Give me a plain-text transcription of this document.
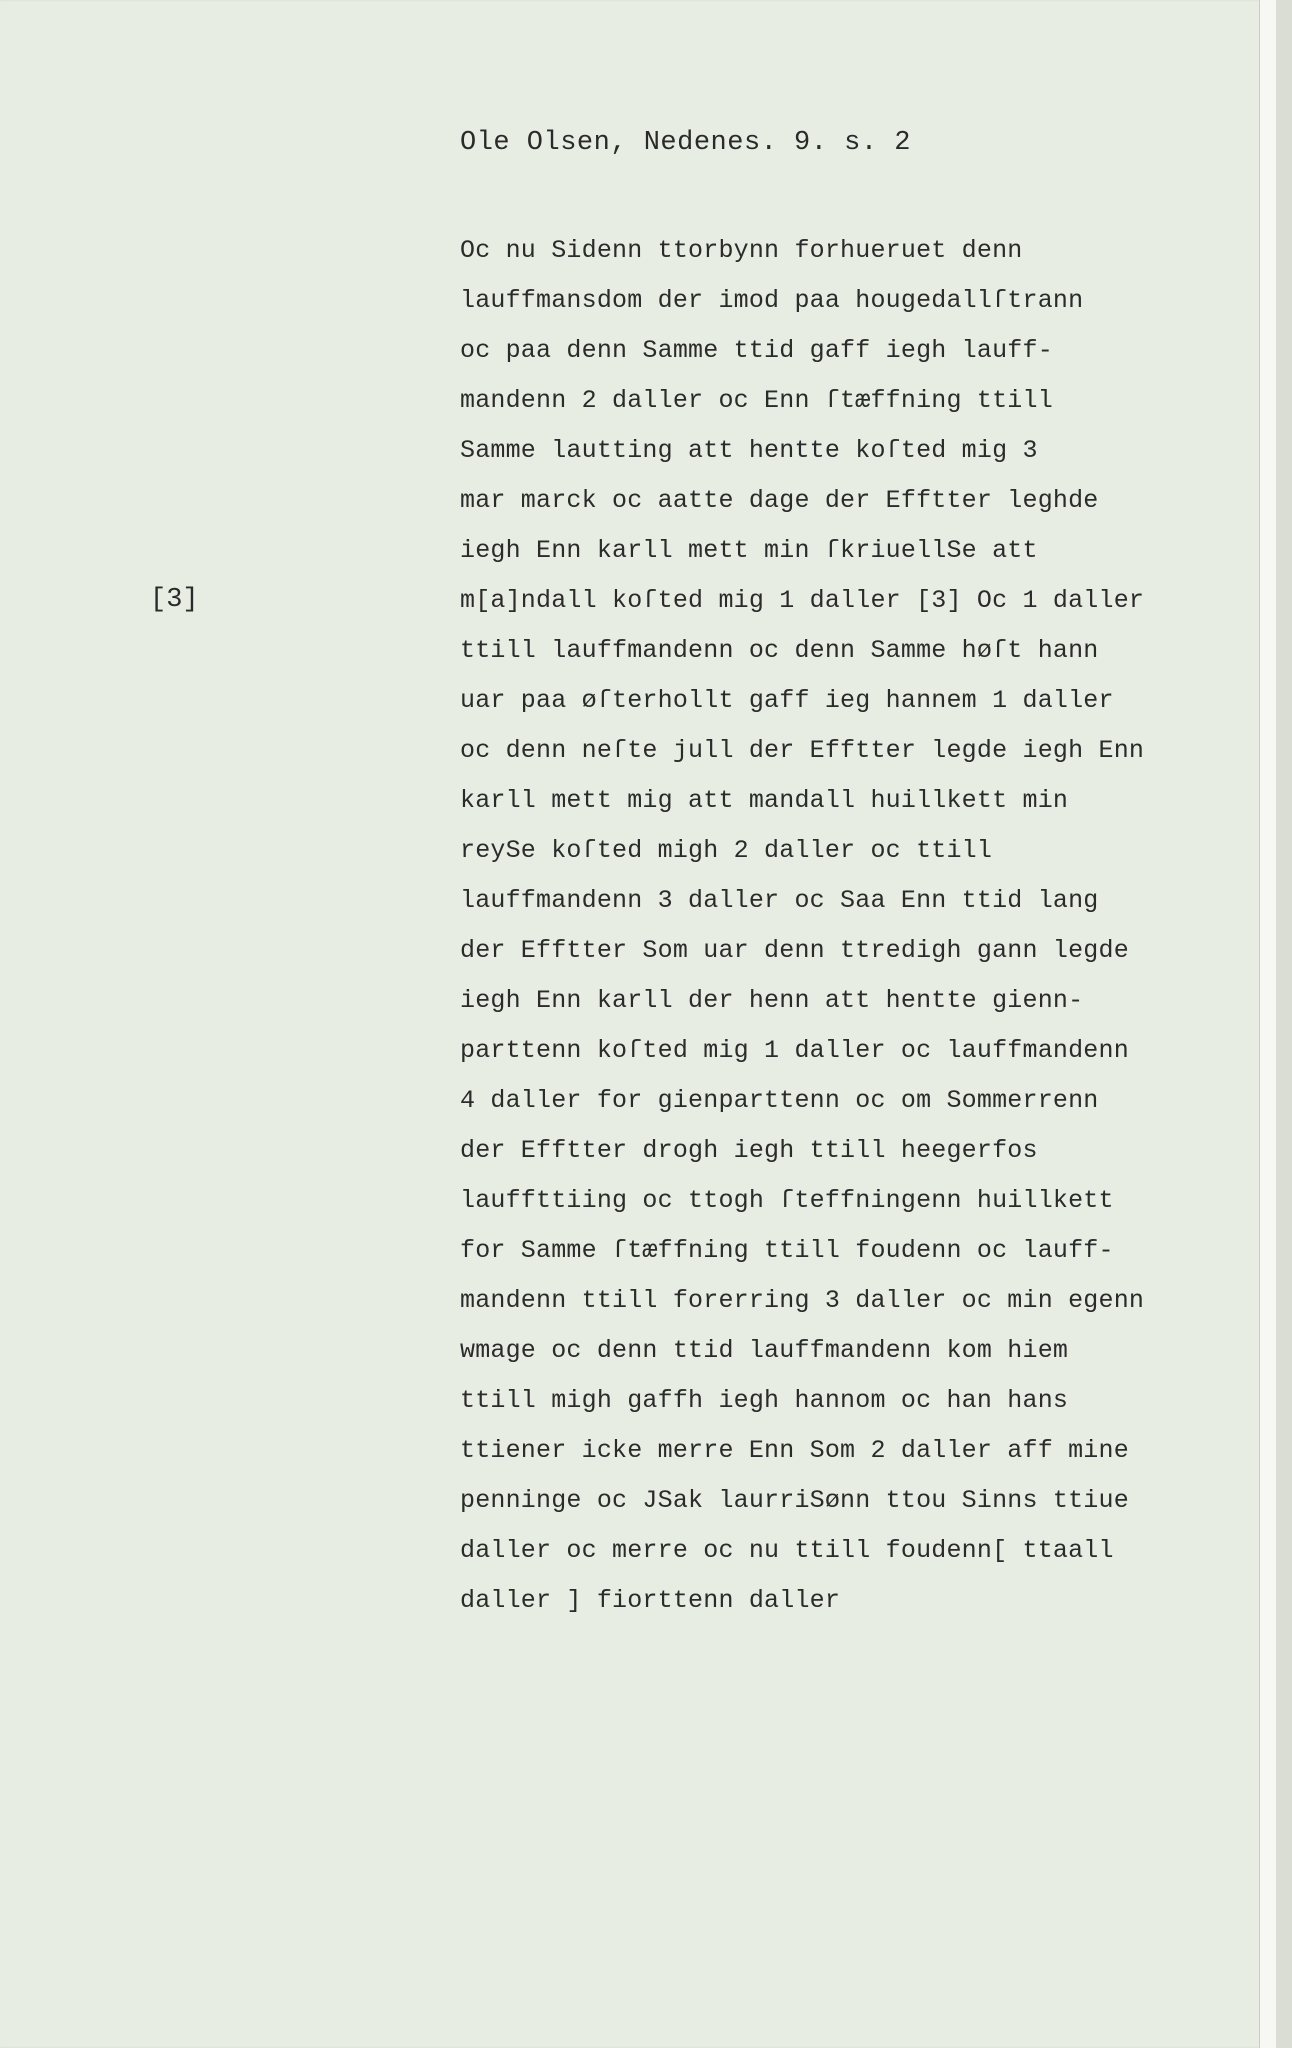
Ole Olsen, Nedenes. 9. s. 2
[3]
Oc nu Sidenn ttorbynn forhueruet denn
lauffmansdom der imod paa hougedallſtrann
oc paa denn Samme ttid gaff iegh lauff-
mandenn 2 daller oc Enn ſtæffning ttill
Samme lautting att hentte koſted mig 3
mar marck oc aatte dage der Efftter leghde
iegh Enn karll mett min ſkriuellSe att
m[a]ndall koſted mig 1 daller [3] Oc 1 daller
ttill lauffmandenn oc denn Samme høſt hann
uar paa øſterhollt gaff ieg hannem 1 daller
oc denn neſte jull der Efftter legde iegh Enn
karll mett mig att mandall huillkett min
reySe koſted migh 2 daller oc ttill
lauffmandenn 3 daller oc Saa Enn ttid lang
der Efftter Som uar denn ttredigh gann legde
iegh Enn karll der henn att hentte gienn-
parttenn koſted mig 1 daller oc lauffmandenn
4 daller for gienparttenn oc om Sommerrenn
der Efftter drogh iegh ttill heegerfos
lauffttiing oc ttogh ſteffningenn huillkett
for Samme ſtæffning ttill foudenn oc lauff-
mandenn ttill forerring 3 daller oc min egenn
wmage oc denn ttid lauffmandenn kom hiem
ttill migh gaffh iegh hannom oc han hans
ttiener icke merre Enn Som 2 daller aff mine
penninge oc JSak laurriSønn ttou Sinns ttiue
daller oc merre oc nu ttill foudenn[ ttaall
daller ] fiorttenn daller
